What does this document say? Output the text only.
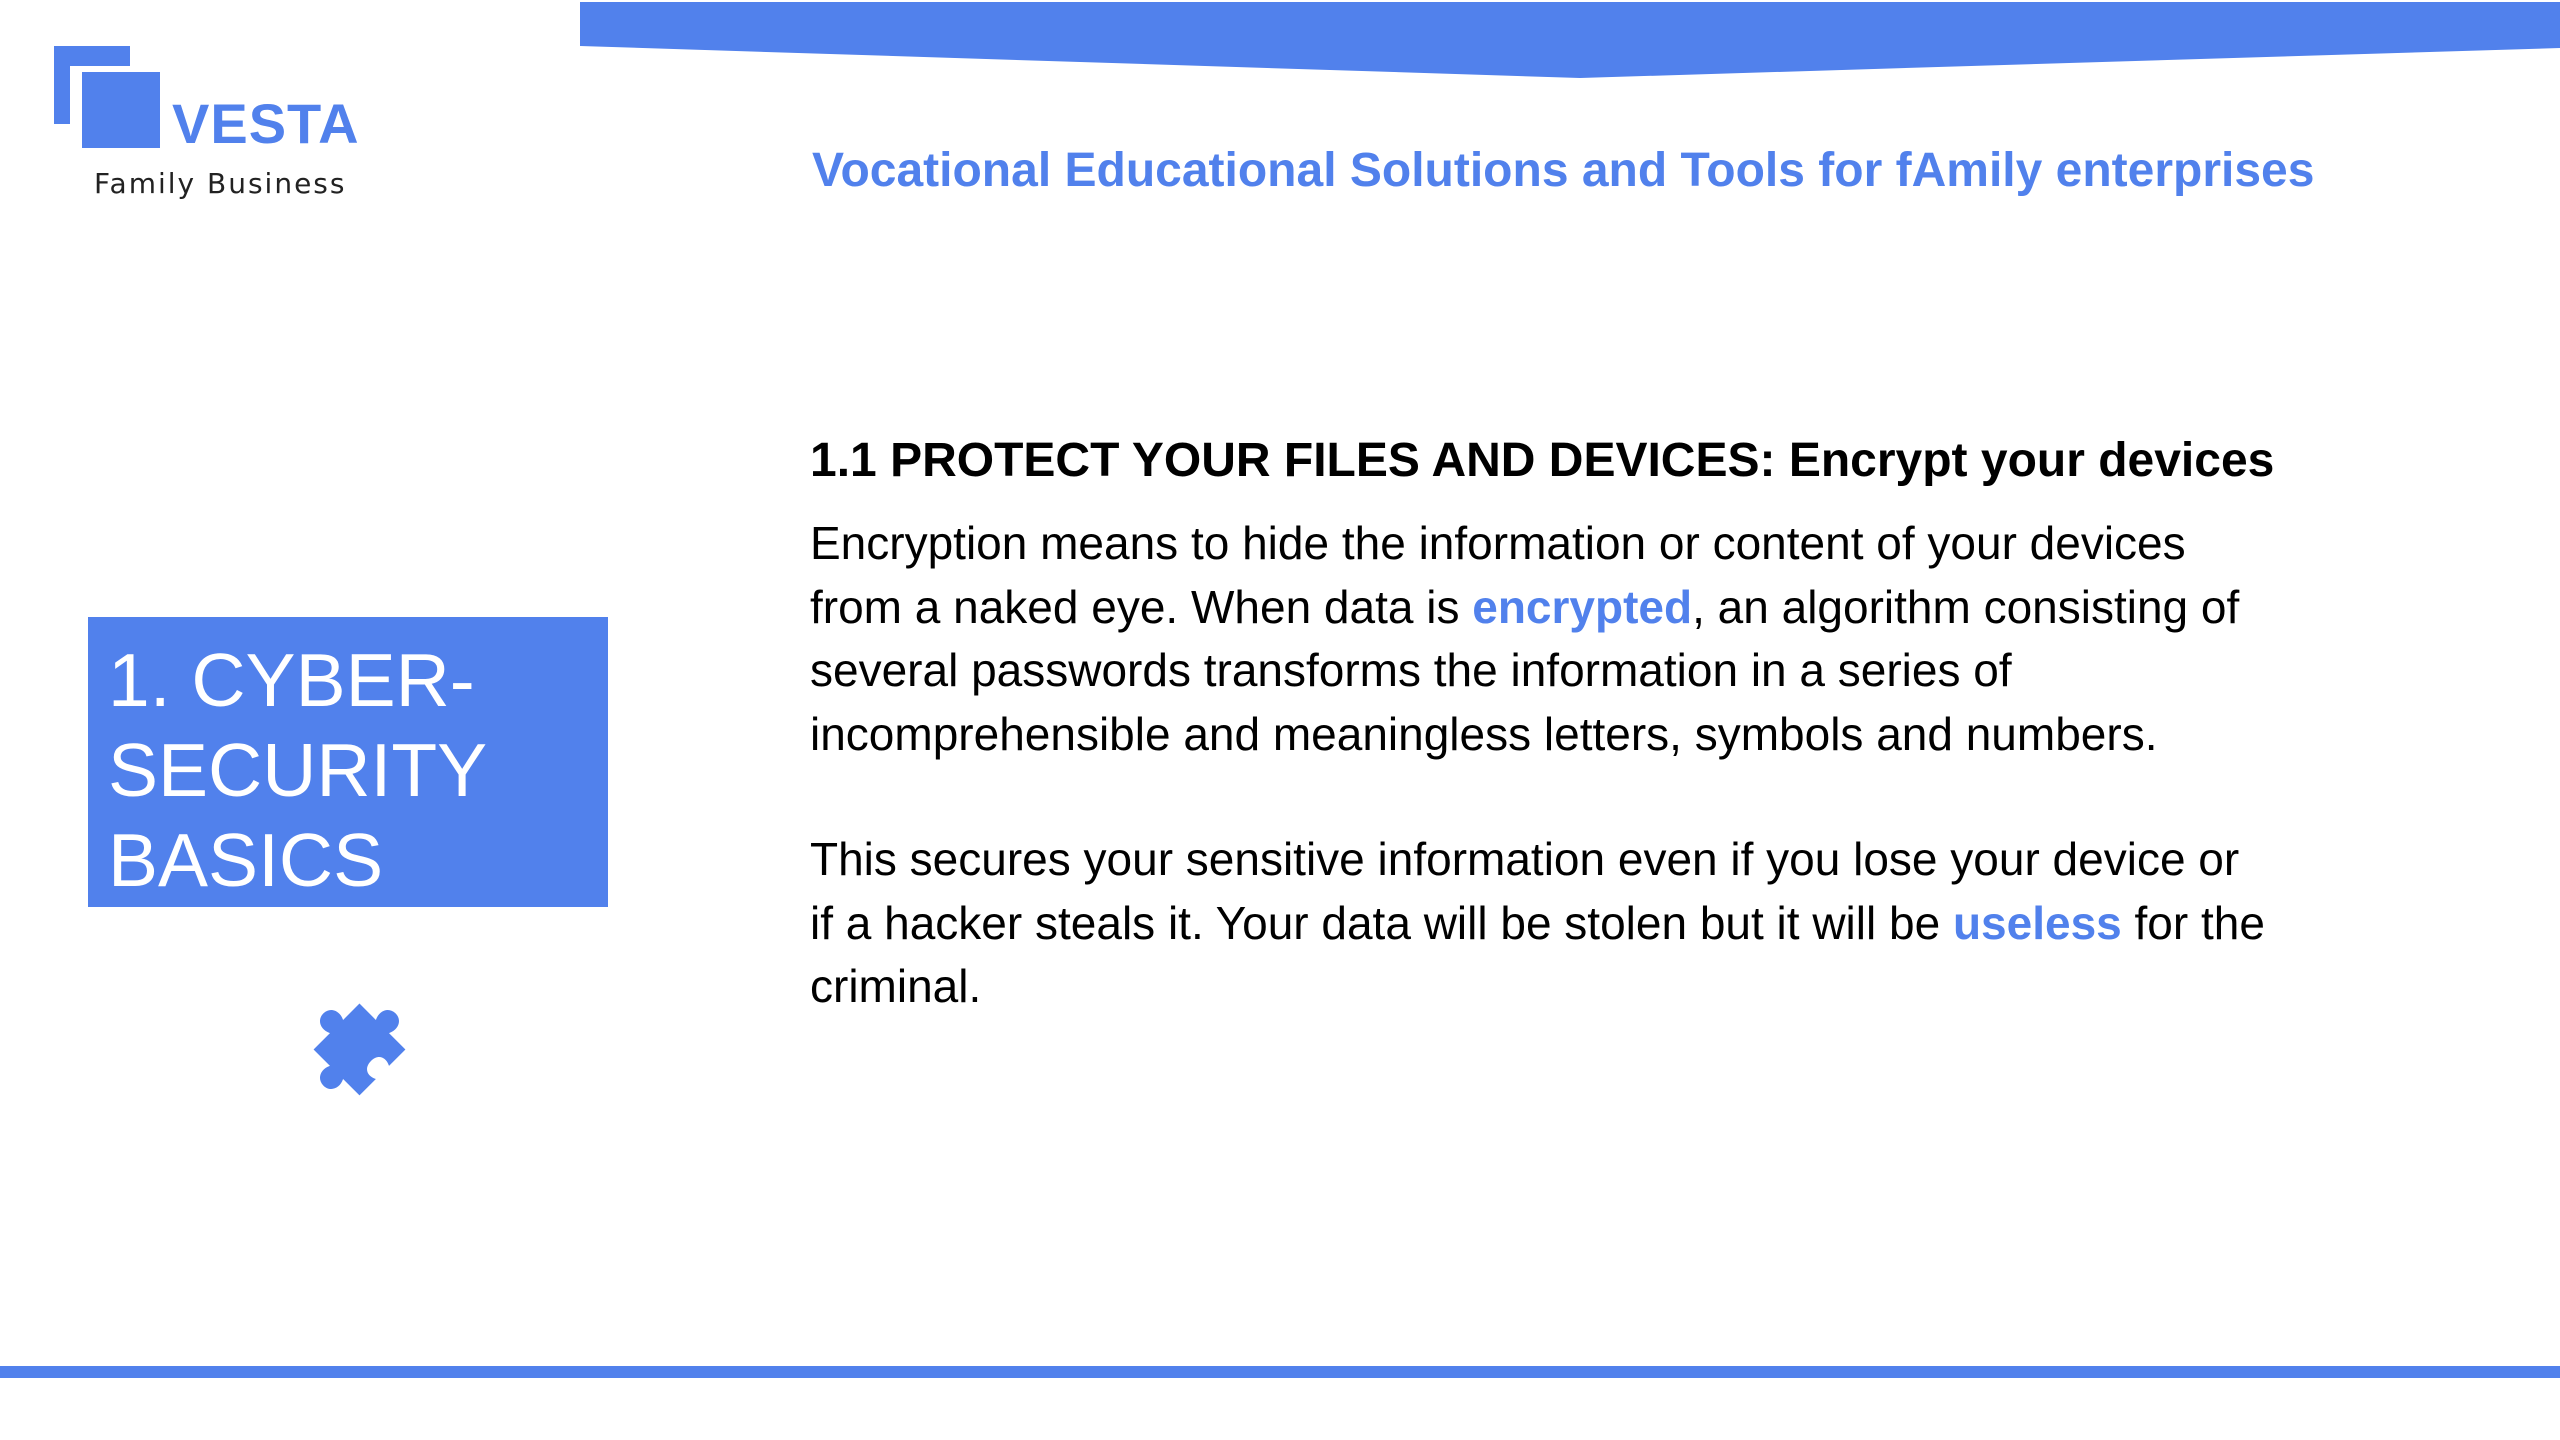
VESTA
Family Business	Vocational Educational Solutions and Tools for fAmily enterprises

1. CYBER-SECURITY BASICS

1.1 PROTECT YOUR FILES AND DEVICES: Encrypt your devices

Encryption means to hide the information or content of your devices from a naked eye. When data is encrypted, an algorithm consisting of several passwords transforms the information in a series of incomprehensible and meaningless letters, symbols and numbers.

This secures your sensitive information even if you lose your device or if a hacker steals it. Your data will be stolen but it will be useless for the criminal.
